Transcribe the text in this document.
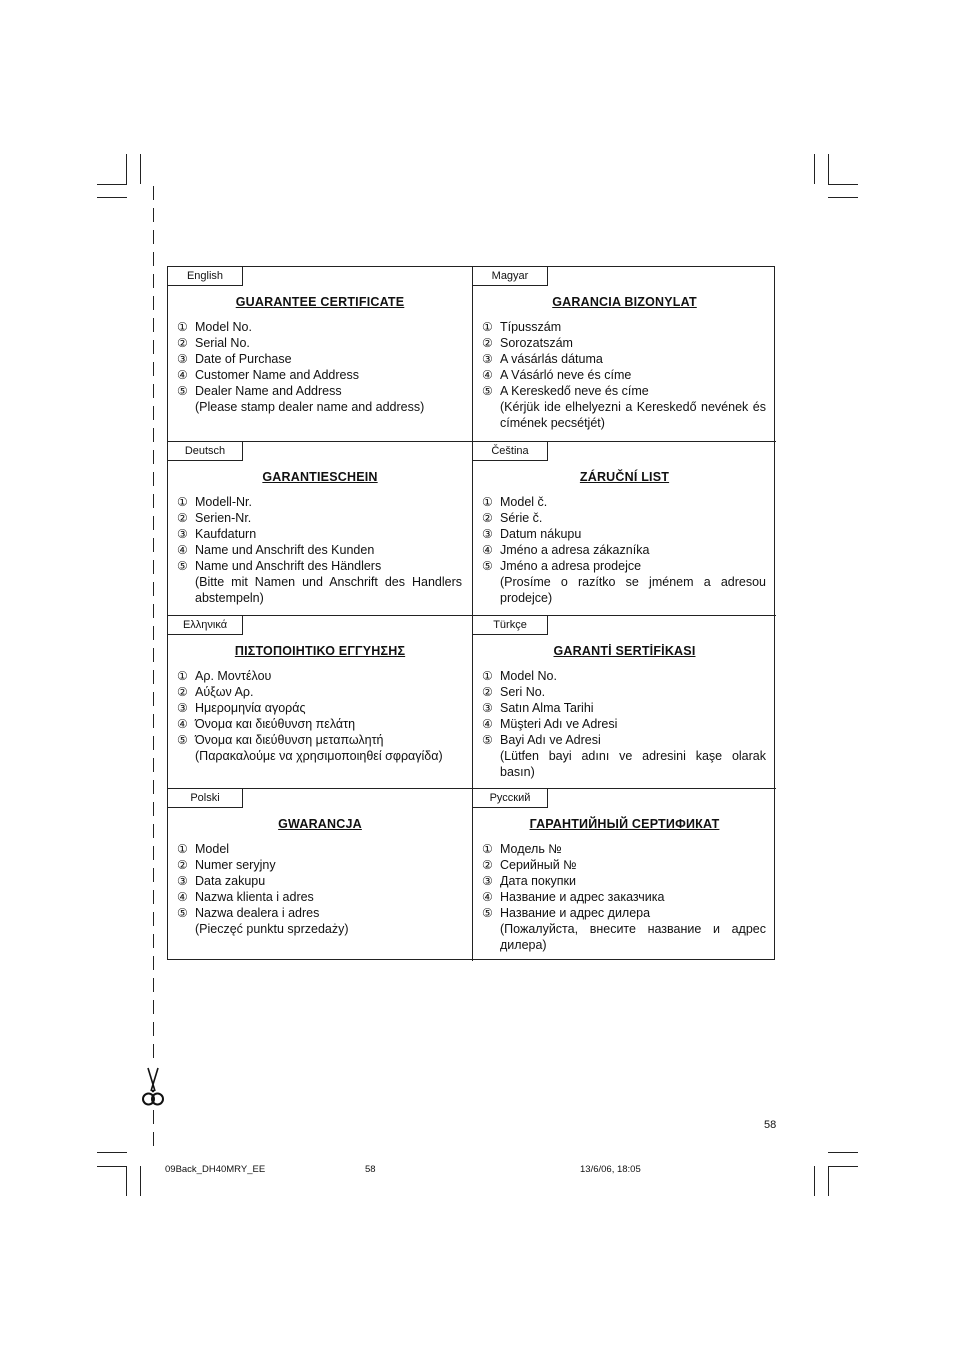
English
GUARANTEE CERTIFICATE
① Model No.
② Serial No.
③ Date of Purchase
④ Customer Name and Address
⑤ Dealer Name and Address
(Please stamp dealer name and address)
Magyar
GARANCIA BIZONYLAT
① Típusszám
② Sorozatszám
③ A vásárlás dátuma
④ A Vásárló neve és címe
⑤ A Kereskedő neve és címe
(Kérjük ide elhelyezni a Kereskedő nevének és címének pecsétjét)
Deutsch
GARANTIESCHEIN
① Modell-Nr.
② Serien-Nr.
③ Kaufdaturn
④ Name und Anschrift des Kunden
⑤ Name und Anschrift des Händlers
(Bitte mit Namen und Anschrift des Handlers abstempeln)
Čeština
ZÁRUČNÍ LIST
① Model č.
② Série č.
③ Datum nákupu
④ Jméno a adresa zákazníka
⑤ Jméno a adresa prodejce
(Prosíme o razítko se jménem a adresou prodejce)
Ελληνικά
ΠΙΣΤΟΠΟΙΗΤΙΚΟ ΕΓΓΥΗΣΗΣ
① Αρ. Μοντέλου
② Αύξων Αρ.
③ Ημερομηνία αγοράς
④ Όνομα και διεύθυνση πελάτη
⑤ Όνομα και διεύθυνση μεταπωλητή
(Παρακαλούμε να χρησιμοποιηθεί σφραγίδα)
Türkçe
GARANTİ SERTİFİKASI
① Model No.
② Seri No.
③ Satın Alma Tarihi
④ Müşteri Adı ve Adresi
⑤ Bayi Adı ve Adresi
(Lütfen bayi adını ve adresini kaşe olarak basın)
Polski
GWARANCJA
① Model
② Numer seryjny
③ Data zakupu
④ Nazwa klienta i adres
⑤ Nazwa dealera i adres
(Pieczęć punktu sprzedaży)
Русский
ГАРАНТИЙНЫЙ СЕРТИФИКАТ
① Модель №
② Серийный №
③ Дата покупки
④ Название и адрес заказчика
⑤ Название и адрес дилера
(Пожалуйста, внесите название и адрес дилера)
58
09Back_DH40MRY_EE	58	13/6/06, 18:05
